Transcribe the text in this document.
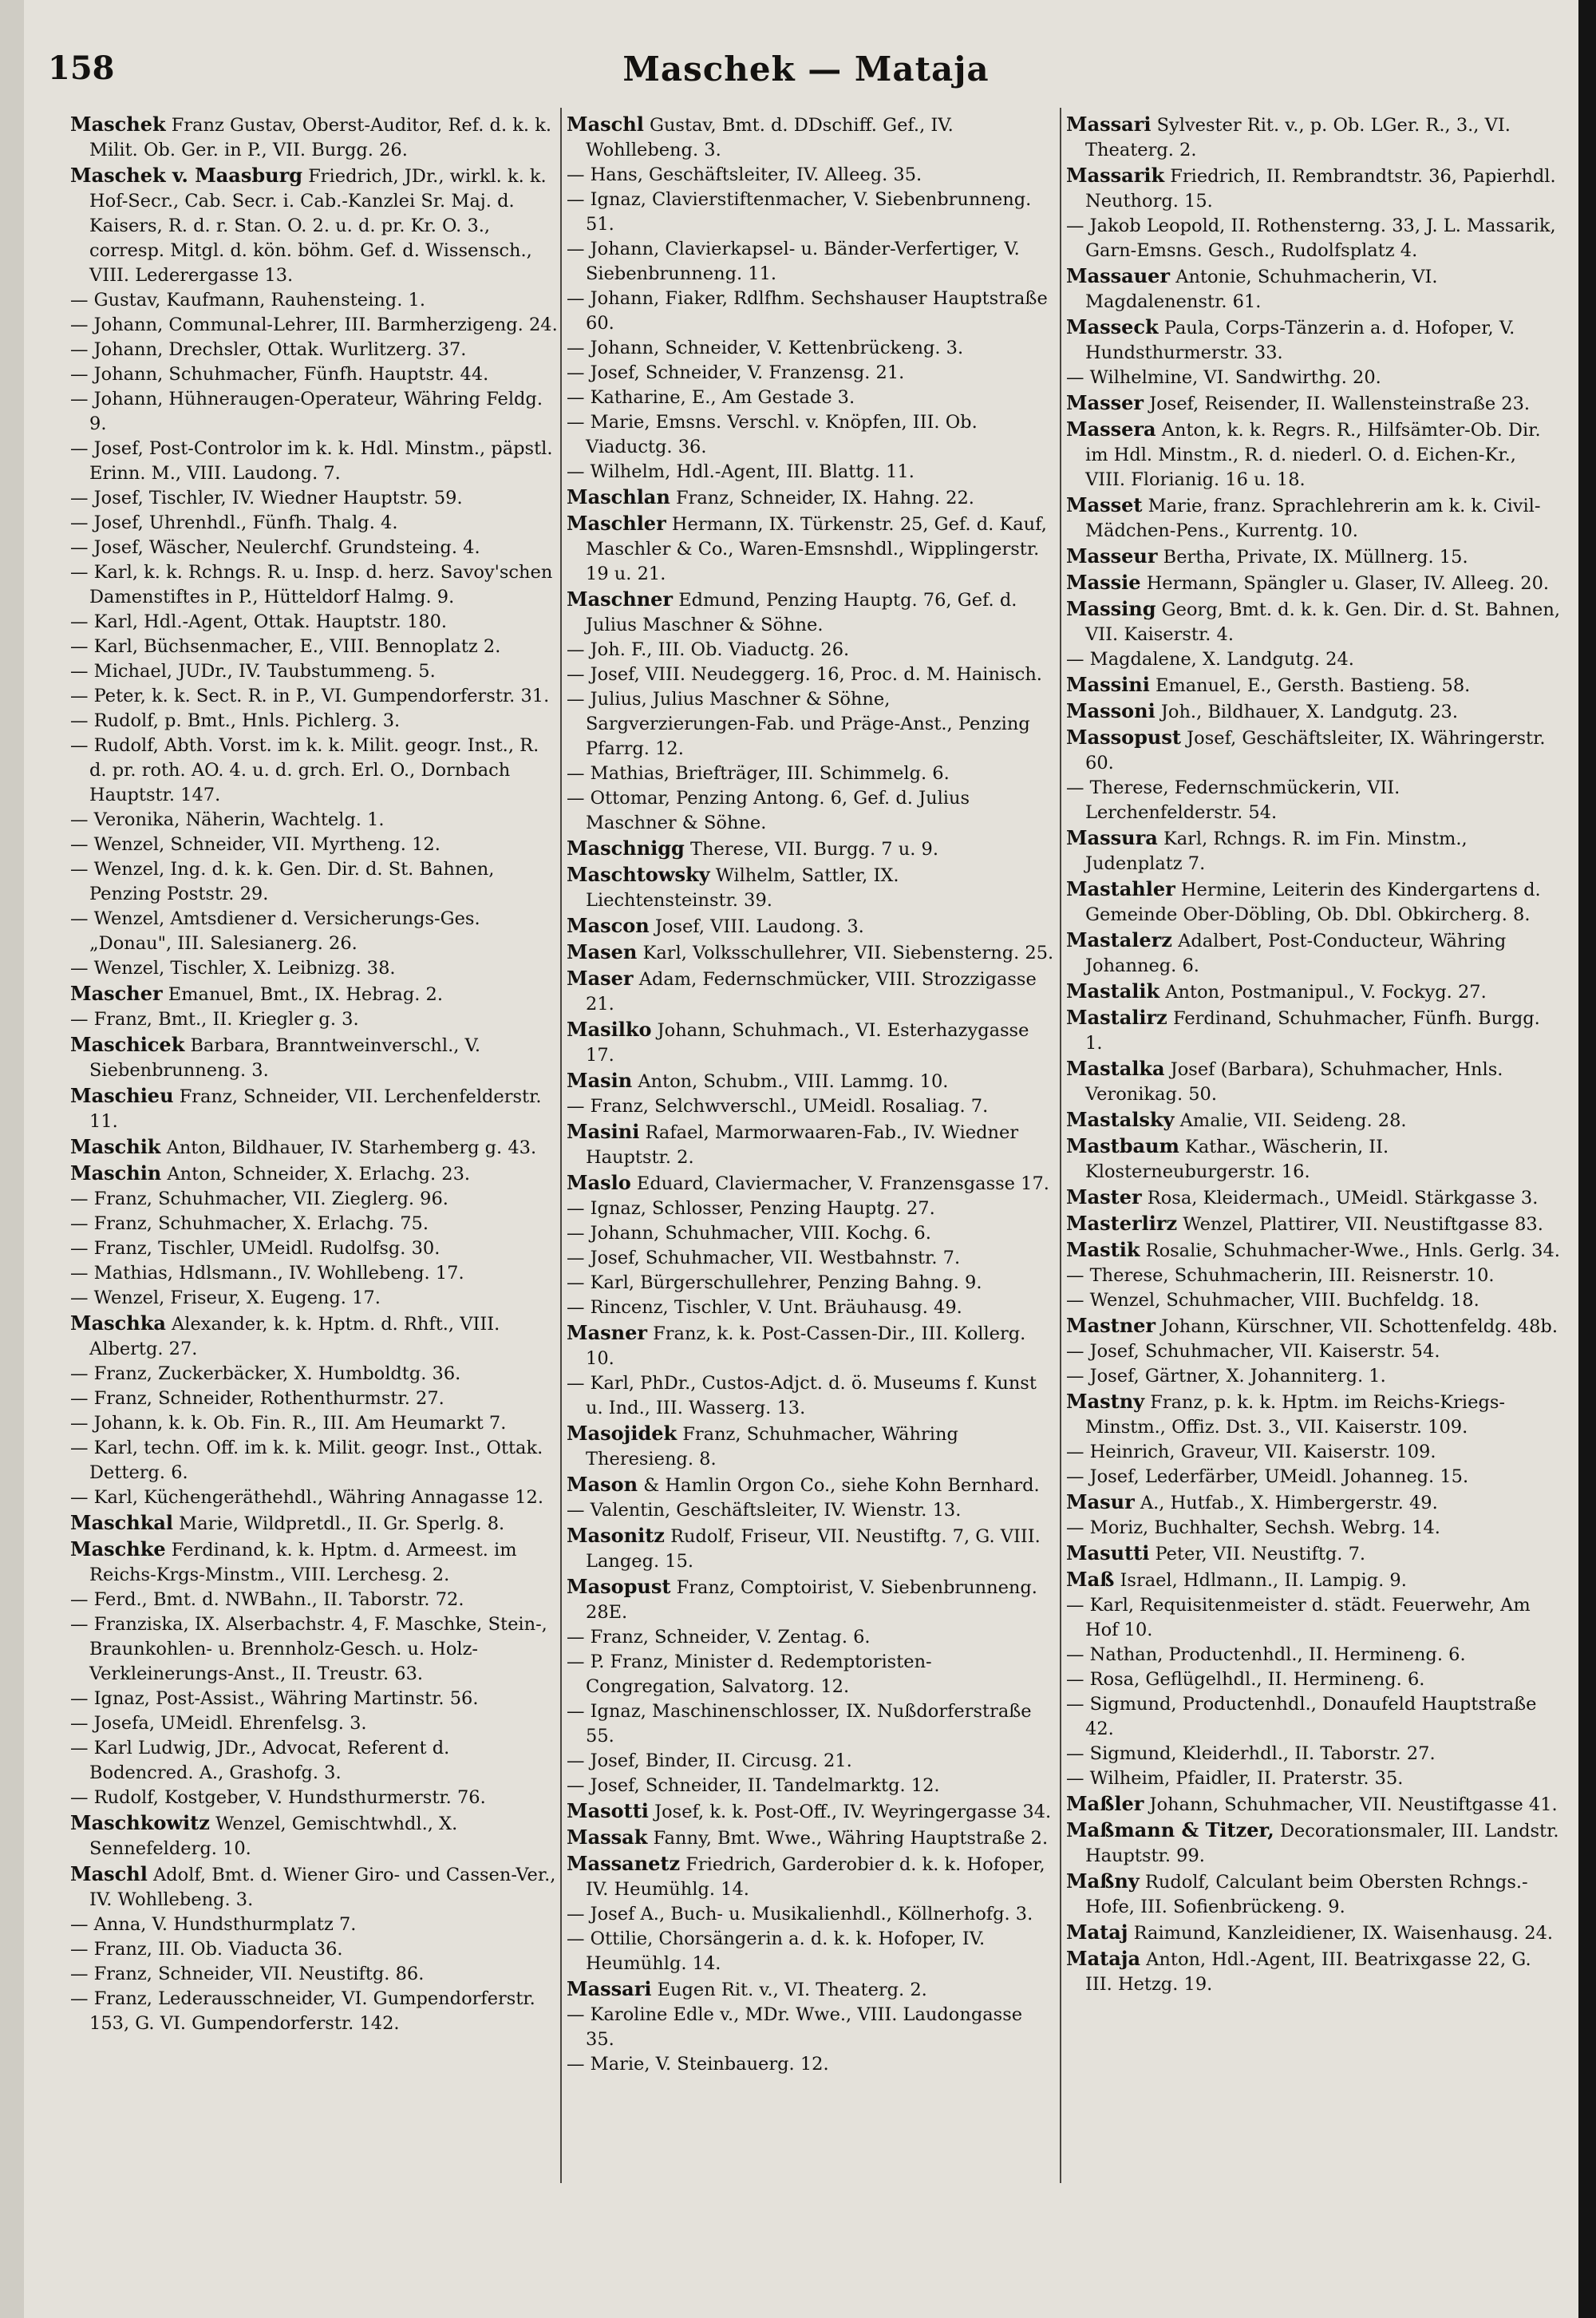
158	Maschek — Mataja

Maschek Franz Gustav, Oberst-Auditor, Ref. d. k. k. Milit. Ob. Ger. in P., VII. Burgg. 26.

Maschek v. Maasburg Friedrich, JDr., wirkl. k. k. Hof-Secr., Cab. Secr. i. Cab.-Kanzlei Sr. Maj. d. Kaisers, R. d. r. Stan. O. 2. u. d. pr. Kr. O. 3., corresp. Mitgl. d. kön. böhm. Gef. d. Wissensch., VIII. Lederergasse 13.

— Gustav, Kaufmann, Rauhensteing. 1.

— Johann, Communal-Lehrer, III. Barmherzigeng. 24.

— Johann, Drechsler, Ottak. Wurlitzerg. 37.

— Johann, Schuhmacher, Fünfh. Hauptstr. 44.

— Johann, Hühneraugen-Operateur, Währing Feldg. 9.

— Josef, Post-Controlor im k. k. Hdl. Minstm., päpstl. Erinn. M., VIII. Laudong. 7.

— Josef, Tischler, IV. Wiedner Hauptstr. 59.

— Josef, Uhrenhdl., Fünfh. Thalg. 4.

— Josef, Wäscher, Neulerchf. Grundsteing. 4.

— Karl, k. k. Rchngs. R. u. Insp. d. herz. Savoy'schen Damenstiftes in P., Hütteldorf Halmg. 9.

— Karl, Hdl.-Agent, Ottak. Hauptstr. 180.

— Karl, Büchsenmacher, E., VIII. Bennoplatz 2.

— Michael, JUDr., IV. Taubstummeng. 5.

— Peter, k. k. Sect. R. in P., VI. Gumpendorferstr. 31.

— Rudolf, p. Bmt., Hnls. Pichlerg. 3.

— Rudolf, Abth. Vorst. im k. k. Milit. geogr. Inst., R. d. pr. roth. AO. 4. u. d. grch. Erl. O., Dornbach Hauptstr. 147.

— Veronika, Näherin, Wachtelg. 1.

— Wenzel, Schneider, VII. Myrtheng. 12.

— Wenzel, Ing. d. k. k. Gen. Dir. d. St. Bahnen, Penzing Poststr. 29.

— Wenzel, Amtsdiener d. Versicherungs-Ges. „Donau", III. Salesianerg. 26.

— Wenzel, Tischler, X. Leibnizg. 38.

Mascher Emanuel, Bmt., IX. Hebrag. 2.

— Franz, Bmt., II. Kriegler g. 3.

Maschicek Barbara, Branntweinverschl., V. Siebenbrunneng. 3.

Maschieu Franz, Schneider, VII. Lerchenfelderstr. 11.

Maschik Anton, Bildhauer, IV. Starhemberg g. 43.

Maschin Anton, Schneider, X. Erlachg. 23.

— Franz, Schuhmacher, VII. Zieglerg. 96.

— Franz, Schuhmacher, X. Erlachg. 75.

— Franz, Tischler, UMeidl. Rudolfsg. 30.

— Mathias, Hdlsmann., IV. Wohllebeng. 17.

— Wenzel, Friseur, X. Eugeng. 17.

Maschka Alexander, k. k. Hptm. d. Rhft., VIII. Albertg. 27.

— Franz, Zuckerbäcker, X. Humboldtg. 36.

— Franz, Schneider, Rothenthurmstr. 27.

— Johann, k. k. Ob. Fin. R., III. Am Heumarkt 7.

— Karl, techn. Off. im k. k. Milit. geogr. Inst., Ottak. Detterg. 6.

— Karl, Küchengeräthehdl., Währing Annagasse 12.

Maschkal Marie, Wildpretdl., II. Gr. Sperlg. 8.

Maschke Ferdinand, k. k. Hptm. d. Armeest. im Reichs-Krgs-Minstm., VIII. Lerchesg. 2.

— Ferd., Bmt. d. NWBahn., II. Taborstr. 72.

— Franziska, IX. Alserbachstr. 4, F. Maschke, Stein-, Braunkohlen- u. Brennholz-Gesch. u. Holz-Verkleinerungs-Anst., II. Treustr. 63.

— Ignaz, Post-Assist., Währing Martinstr. 56.

— Josefa, UMeidl. Ehrenfelsg. 3.

— Karl Ludwig, JDr., Advocat, Referent d. Bodencred. A., Grashofg. 3.

— Rudolf, Kostgeber, V. Hundsthurmerstr. 76.

Maschkowitz Wenzel, Gemischtwhdl., X. Sennefelderg. 10.

Maschl Adolf, Bmt. d. Wiener Giro- und Cassen-Ver., IV. Wohllebeng. 3.

— Anna, V. Hundsthurmplatz 7.

— Franz, III. Ob. Viaducta 36.

— Franz, Schneider, VII. Neustiftg. 86.

— Franz, Lederausschneider, VI. Gumpendorferstr. 153, G. VI. Gumpendorferstr. 142.

Maschl Gustav, Bmt. d. DDschiff. Gef., IV. Wohllebeng. 3.

— Hans, Geschäftsleiter, IV. Alleeg. 35.

— Ignaz, Clavierstiftenmacher, V. Siebenbrunneng. 51.

— Johann, Clavierkapsel- u. Bänder-Verfertiger, V. Siebenbrunneng. 11.

— Johann, Fiaker, Rdlfhm. Sechshauser Hauptstraße 60.

— Johann, Schneider, V. Kettenbrückeng. 3.

— Josef, Schneider, V. Franzensg. 21.

— Katharine, E., Am Gestade 3.

— Marie, Emsns. Verschl. v. Knöpfen, III. Ob. Viaductg. 36.

— Wilhelm, Hdl.-Agent, III. Blattg. 11.

Maschlan Franz, Schneider, IX. Hahng. 22.

Maschler Hermann, IX. Türkenstr. 25, Gef. d. Kauf, Maschler & Co., Waren-Emsnshdl., Wipplingerstr. 19 u. 21.

Maschner Edmund, Penzing Hauptg. 76, Gef. d. Julius Maschner & Söhne.

— Joh. F., III. Ob. Viaductg. 26.

— Josef, VIII. Neudeggerg. 16, Proc. d. M. Hainisch.

— Julius, Julius Maschner & Söhne, Sargverzierungen-Fab. und Präge-Anst., Penzing Pfarrg. 12.

— Mathias, Briefträger, III. Schimmelg. 6.

— Ottomar, Penzing Antong. 6, Gef. d. Julius Maschner & Söhne.

Maschnigg Therese, VII. Burgg. 7 u. 9.

Maschtowsky Wilhelm, Sattler, IX. Liechtensteinstr. 39.

Mascon Josef, VIII. Laudong. 3.

Masen Karl, Volksschullehrer, VII. Siebensterng. 25.

Maser Adam, Federnschmücker, VIII. Strozzigasse 21.

Masilko Johann, Schuhmach., VI. Esterhazygasse 17.

Masin Anton, Schubm., VIII. Lammg. 10.

— Franz, Selchwverschl., UMeidl. Rosaliag. 7.

Masini Rafael, Marmorwaaren-Fab., IV. Wiedner Hauptstr. 2.

Maslo Eduard, Claviermacher, V. Franzensgasse 17.

— Ignaz, Schlosser, Penzing Hauptg. 27.

— Johann, Schuhmacher, VIII. Kochg. 6.

— Josef, Schuhmacher, VII. Westbahnstr. 7.

— Karl, Bürgerschullehrer, Penzing Bahng. 9.

— Rincenz, Tischler, V. Unt. Bräuhausg. 49.

Masner Franz, k. k. Post-Cassen-Dir., III. Kollerg. 10.

— Karl, PhDr., Custos-Adjct. d. ö. Museums f. Kunst u. Ind., III. Wasserg. 13.

Masojidek Franz, Schuhmacher, Währing Theresieng. 8.

Mason & Hamlin Orgon Co., siehe Kohn Bernhard.

— Valentin, Geschäftsleiter, IV. Wienstr. 13.

Masonitz Rudolf, Friseur, VII. Neustiftg. 7, G. VIII. Langeg. 15.

Masopust Franz, Comptoirist, V. Siebenbrunneng. 28E.

— Franz, Schneider, V. Zentag. 6.

— P. Franz, Minister d. Redemptoristen-Congregation, Salvatorg. 12.

— Ignaz, Maschinenschlosser, IX. Nußdorferstraße 55.

— Josef, Binder, II. Circusg. 21.

— Josef, Schneider, II. Tandelmarktg. 12.

Masotti Josef, k. k. Post-Off., IV. Weyringergasse 34.

Massak Fanny, Bmt. Wwe., Währing Hauptstraße 2.

Massanetz Friedrich, Garderobier d. k. k. Hofoper, IV. Heumühlg. 14.

— Josef A., Buch- u. Musikalienhdl., Köllnerhofg. 3.

— Ottilie, Chorsängerin a. d. k. k. Hofoper, IV. Heumühlg. 14.

Massari Eugen Rit. v., VI. Theaterg. 2.

— Karoline Edle v., MDr. Wwe., VIII. Laudongasse 35.

— Marie, V. Steinbauerg. 12.

Massari Sylvester Rit. v., p. Ob. LGer. R., 3., VI. Theaterg. 2.

Massarik Friedrich, II. Rembrandtstr. 36, Papierhdl. Neuthorg. 15.

— Jakob Leopold, II. Rothensterng. 33, J. L. Massarik, Garn-Emsns. Gesch., Rudolfsplatz 4.

Massauer Antonie, Schuhmacherin, VI. Magdalenenstr. 61.

Masseck Paula, Corps-Tänzerin a. d. Hofoper, V. Hundsthurmerstr. 33.

— Wilhelmine, VI. Sandwirthg. 20.

Masser Josef, Reisender, II. Wallensteinstraße 23.

Massera Anton, k. k. Regrs. R., Hilfsämter-Ob. Dir. im Hdl. Minstm., R. d. niederl. O. d. Eichen-Kr., VIII. Florianig. 16 u. 18.

Masset Marie, franz. Sprachlehrerin am k. k. Civil-Mädchen-Pens., Kurrentg. 10.

Masseur Bertha, Private, IX. Müllnerg. 15.

Massie Hermann, Spängler u. Glaser, IV. Alleeg. 20.

Massing Georg, Bmt. d. k. k. Gen. Dir. d. St. Bahnen, VII. Kaiserstr. 4.

— Magdalene, X. Landgutg. 24.

Massini Emanuel, E., Gersth. Bastieng. 58.

Massoni Joh., Bildhauer, X. Landgutg. 23.

Massopust Josef, Geschäftsleiter, IX. Währingerstr. 60.

— Therese, Federnschmückerin, VII. Lerchenfelderstr. 54.

Massura Karl, Rchngs. R. im Fin. Minstm., Judenplatz 7.

Mastahler Hermine, Leiterin des Kindergartens d. Gemeinde Ober-Döbling, Ob. Dbl. Obkircherg. 8.

Mastalerz Adalbert, Post-Conducteur, Währing Johanneg. 6.

Mastalik Anton, Postmanipul., V. Fockyg. 27.

Mastalirz Ferdinand, Schuhmacher, Fünfh. Burgg. 1.

Mastalka Josef (Barbara), Schuhmacher, Hnls. Veronikag. 50.

Mastalsky Amalie, VII. Seideng. 28.

Mastbaum Kathar., Wäscherin, II. Klosterneuburgerstr. 16.

Master Rosa, Kleidermach., UMeidl. Stärkgasse 3.

Masterlirz Wenzel, Plattirer, VII. Neustiftgasse 83.

Mastik Rosalie, Schuhmacher-Wwe., Hnls. Gerlg. 34.

— Therese, Schuhmacherin, III. Reisnerstr. 10.

— Wenzel, Schuhmacher, VIII. Buchfeldg. 18.

Mastner Johann, Kürschner, VII. Schottenfeldg. 48b.

— Josef, Schuhmacher, VII. Kaiserstr. 54.

— Josef, Gärtner, X. Johanniterg. 1.

Mastny Franz, p. k. k. Hptm. im Reichs-Kriegs-Minstm., Offiz. Dst. 3., VII. Kaiserstr. 109.

— Heinrich, Graveur, VII. Kaiserstr. 109.

— Josef, Lederfärber, UMeidl. Johanneg. 15.

Masur A., Hutfab., X. Himbergerstr. 49.

— Moriz, Buchhalter, Sechsh. Webrg. 14.

Masutti Peter, VII. Neustiftg. 7.

Maß Israel, Hdlmann., II. Lampig. 9.

— Karl, Requisitenmeister d. städt. Feuerwehr, Am Hof 10.

— Nathan, Productenhdl., II. Hermineng. 6.

— Rosa, Geflügelhdl., II. Hermineng. 6.

— Sigmund, Productenhdl., Donaufeld Hauptstraße 42.

— Sigmund, Kleiderhdl., II. Taborstr. 27.

— Wilheim, Pfaidler, II. Praterstr. 35.

Maßler Johann, Schuhmacher, VII. Neustiftgasse 41.

Maßmann & Titzer, Decorationsmaler, III. Landstr. Hauptstr. 99.

Maßny Rudolf, Calculant beim Obersten Rchngs.-Hofe, III. Sofienbrückeng. 9.

Mataj Raimund, Kanzleidiener, IX. Waisenhausg. 24.

Mataja Anton, Hdl.-Agent, III. Beatrixgasse 22, G. III. Hetzg. 19.
